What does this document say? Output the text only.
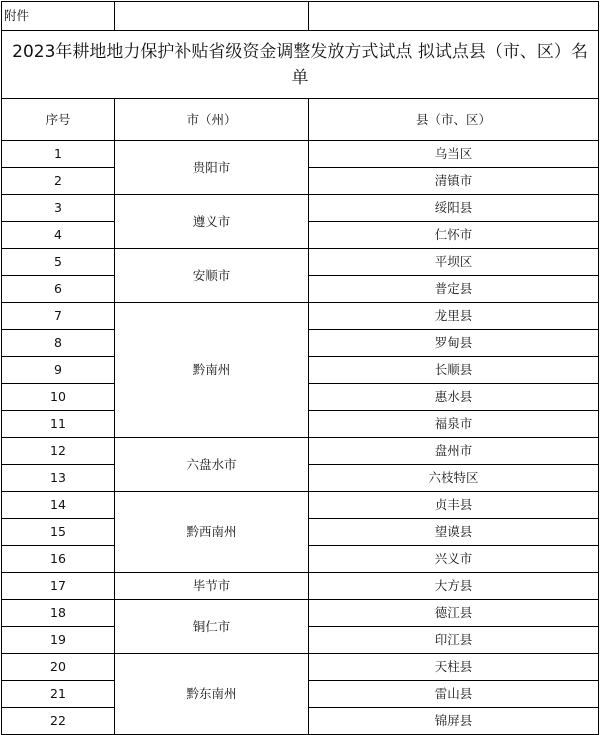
附件		
2023年耕地地力保护补贴省级资金调整发放方式试点 拟试点县（市、区）名单		
序号	市（州）	县（市、区）
1	贵阳市	乌当区
2		清镇市
3	遵义市	绥阳县
4		仁怀市
5	安顺市	平坝区
6		普定县
7	黔南州	龙里县
8		罗甸县
9		长顺县
10		惠水县
11		福泉市
12	六盘水市	盘州市
13		六枝特区
14	黔西南州	贞丰县
15		望谟县
16		兴义市
17	毕节市	大方县
18	铜仁市	德江县
19		印江县
20	黔东南州	天柱县
21		雷山县
22		锦屏县
